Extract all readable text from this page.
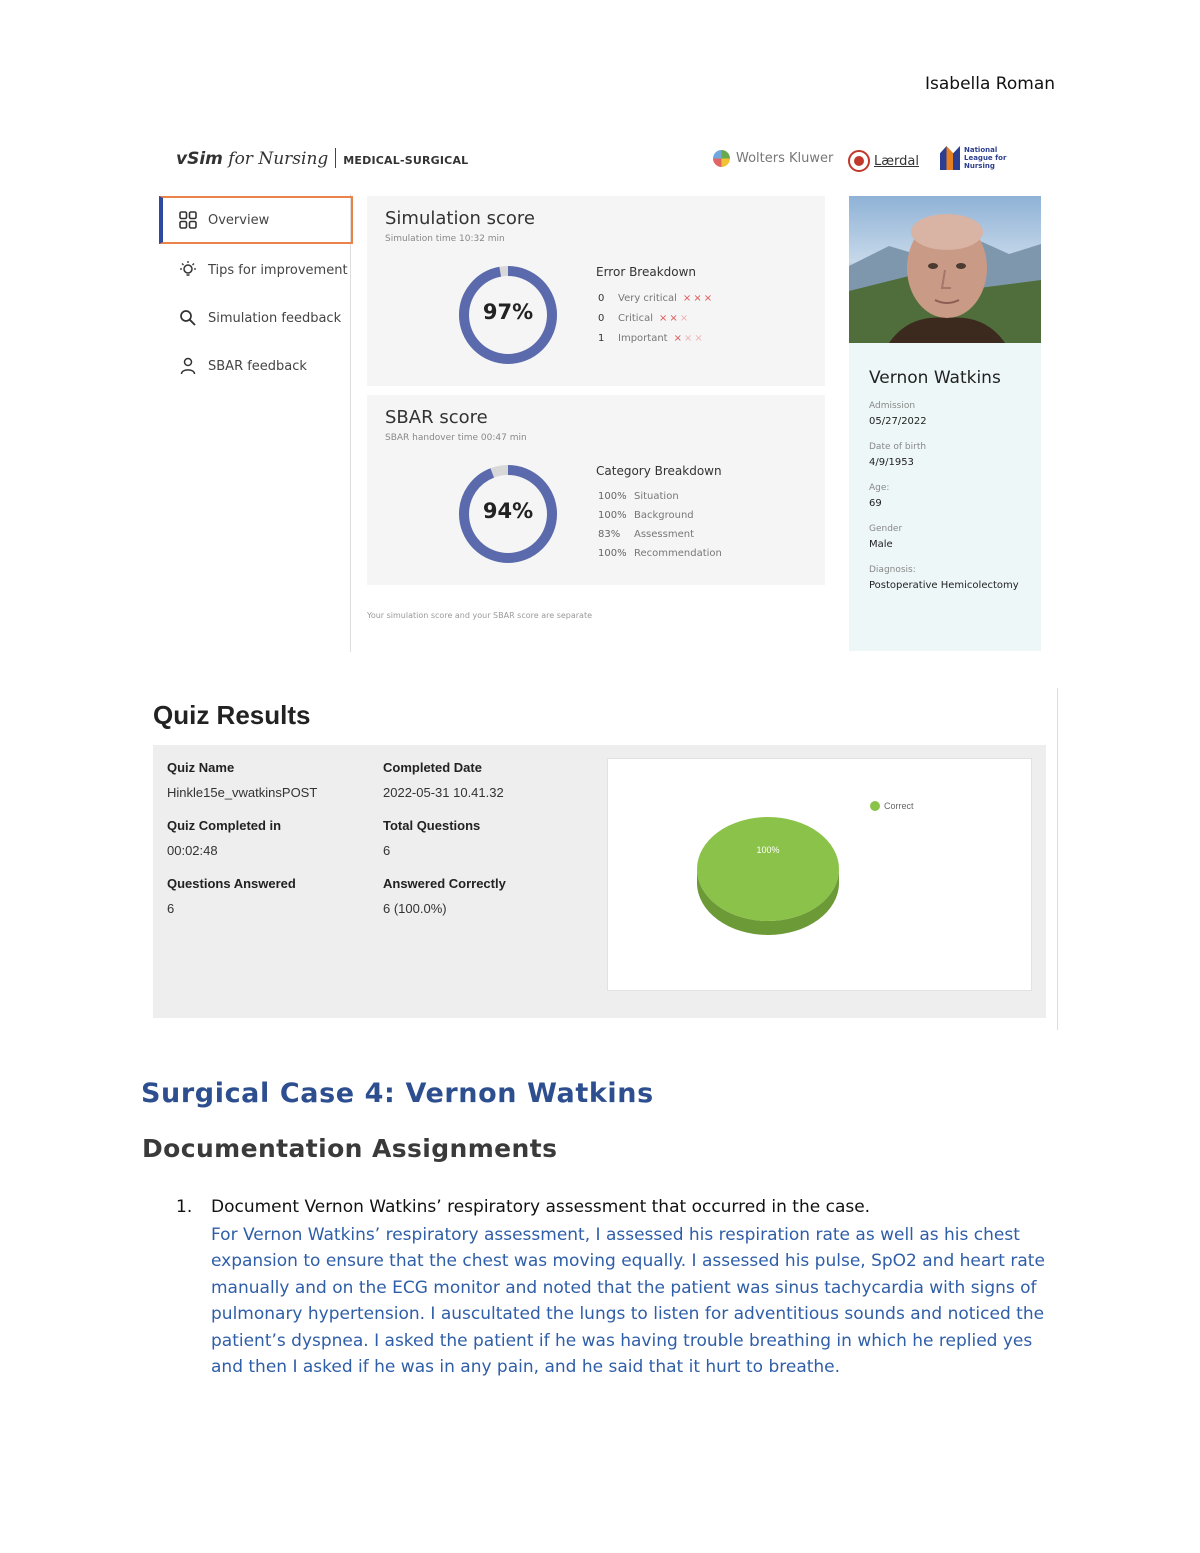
Isabella Roman
vSim for Nursing MEDICAL-SURGICAL	Wolters Kluwer	Lærdal
National League for Nursing
Overview
Tips for improvement
Simulation feedback
SBAR feedback
Simulation score
Simulation time 10:32 min
97%
Error Breakdown
0 Very critical ×××
0 Critical ×××
1 Important ×××
SBAR score
SBAR handover time 00:47 min
94%
Category Breakdown
100% Situation
100% Background
83% Assessment
100% Recommendation
Your simulation score and your SBAR score are separate
Vernon Watkins
Admission
05/27/2022
Date of birth
4/9/1953
Age:
69
Gender
Male
Diagnosis:
Postoperative Hemicolectomy
Quiz Results
Quiz Name
Hinkle15e_vwatkinsPOST
Completed Date
2022-05-31 10.41.32
Quiz Completed in
00:02:48
Total Questions
6
Questions Answered
6
Answered Correctly
6 (100.0%)
Correct
100%
Surgical Case 4: Vernon Watkins
Documentation Assignments
1. Document Vernon Watkins’ respiratory assessment that occurred in the case.
For Vernon Watkins’ respiratory assessment, I assessed his respiration rate as well as his chest expansion to ensure that the chest was moving equally. I assessed his pulse, SpO2 and heart rate manually and on the ECG monitor and noted that the patient was sinus tachycardia with signs of pulmonary hypertension. I auscultated the lungs to listen for adventitious sounds and noticed the patient’s dyspnea. I asked the patient if he was having trouble breathing in which he replied yes and then I asked if he was in any pain, and he said that it hurt to breathe.
